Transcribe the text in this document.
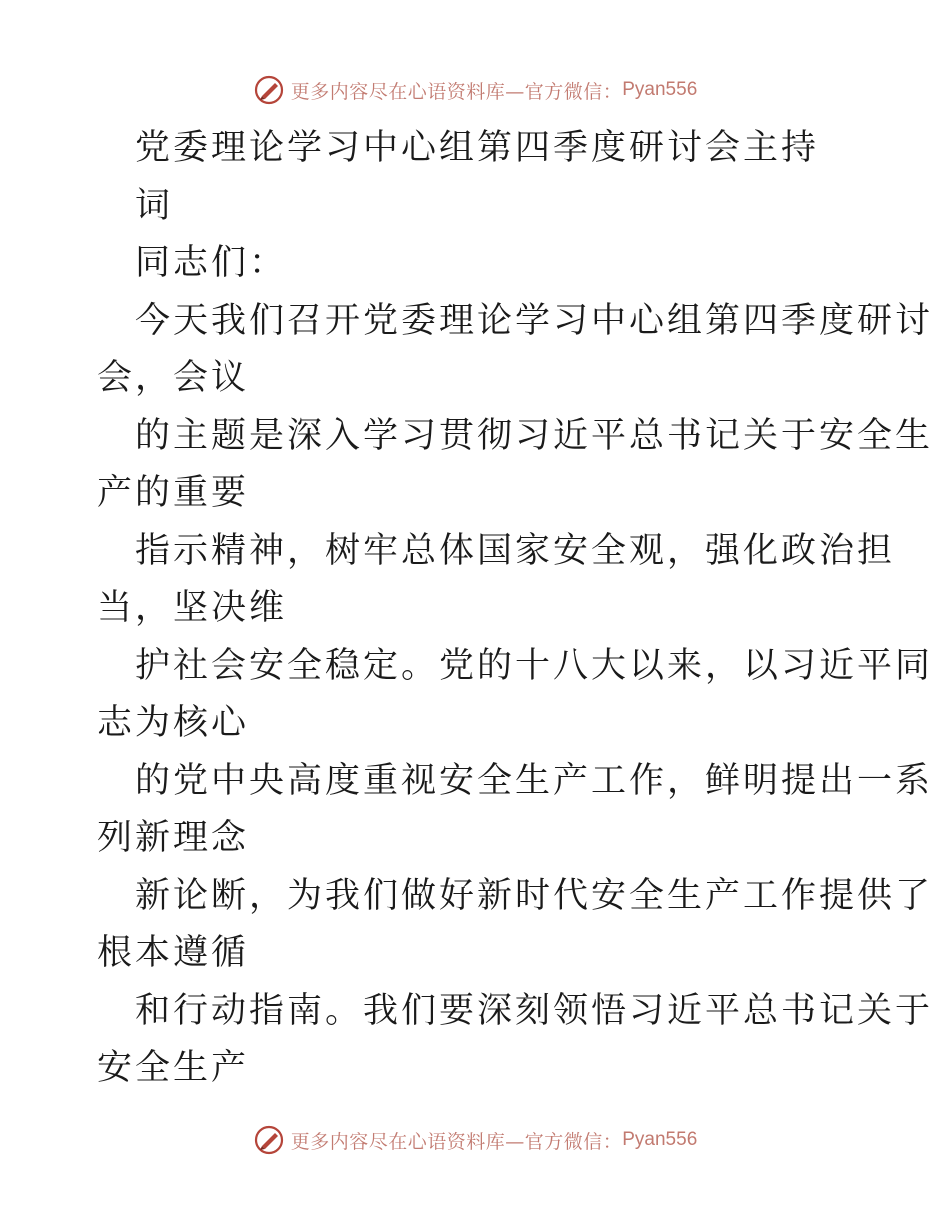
更多内容尽在心语资料库—官方微信： Pyan556
党委理论学习中心组第四季度研讨会主持
词
同志们：
今天我们召开党委理论学习中心组第四季度研讨
会，会议
的主题是深入学习贯彻习近平总书记关于安全生
产的重要
指示精神，树牢总体国家安全观，强化政治担
当，坚决维
护社会安全稳定。党的十八大以来，以习近平同
志为核心
的党中央高度重视安全生产工作，鲜明提出一系
列新理念
新论断，为我们做好新时代安全生产工作提供了
根本遵循
和行动指南。我们要深刻领悟习近平总书记关于
安全生产
更多内容尽在心语资料库—官方微信： Pyan556
